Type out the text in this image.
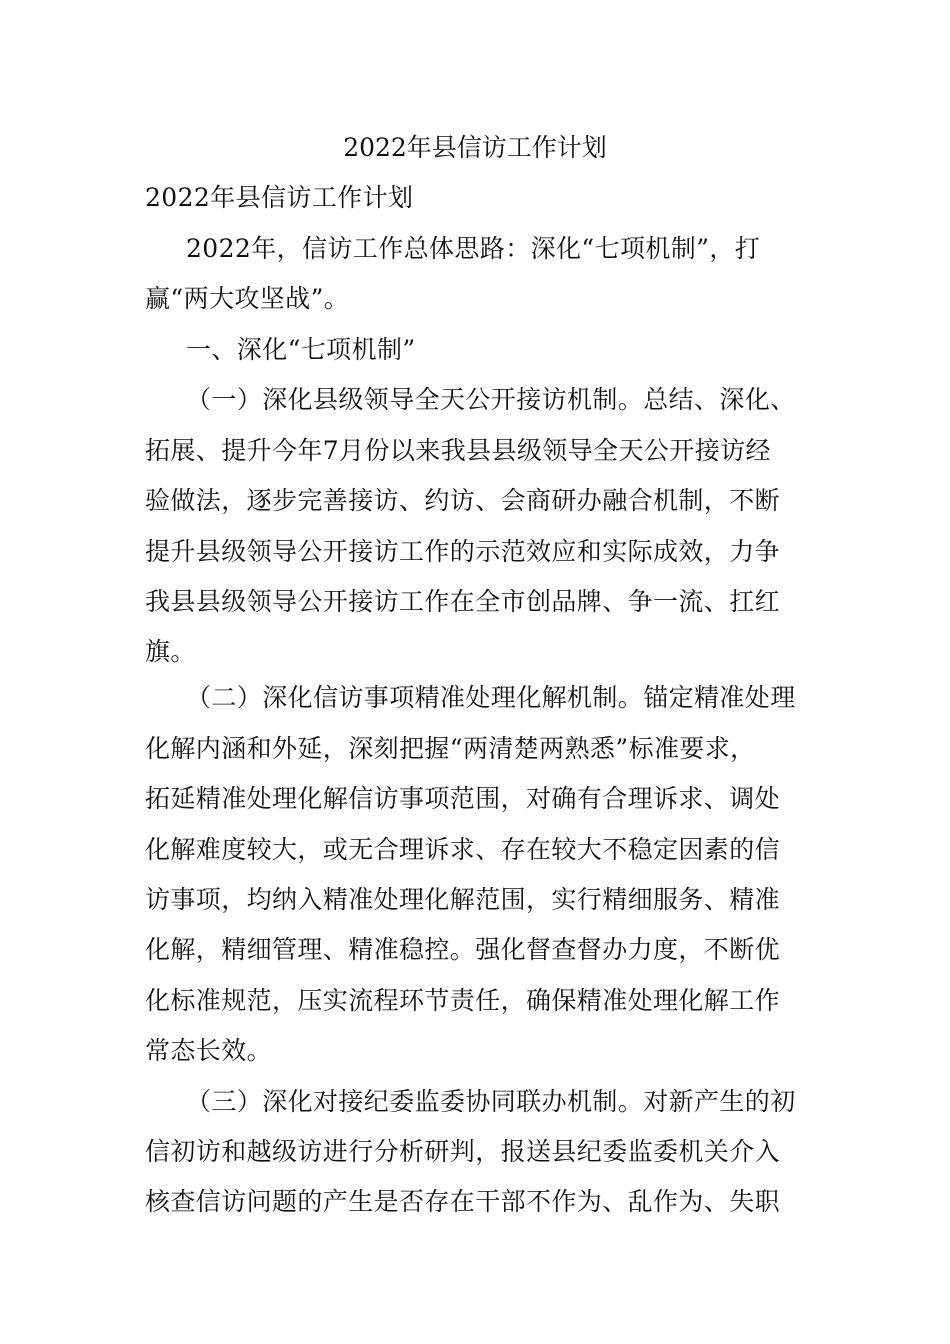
2022年县信访工作计划
2022年县信访工作计划
2022年，信访工作总体思路：深化“七项机制”，打
赢“两大攻坚战”。
一、深化“七项机制”
（一）深化县级领导全天公开接访机制。总结、深化、
拓展、提升今年7月份以来我县县级领导全天公开接访经
验做法，逐步完善接访、约访、会商研办融合机制，不断
提升县级领导公开接访工作的示范效应和实际成效，力争
我县县级领导公开接访工作在全市创品牌、争一流、扛红
旗。
（二）深化信访事项精准处理化解机制。锚定精准处理
化解内涵和外延，深刻把握“两清楚两熟悉”标准要求，
拓延精准处理化解信访事项范围，对确有合理诉求、调处
化解难度较大，或无合理诉求、存在较大不稳定因素的信
访事项，均纳入精准处理化解范围，实行精细服务、精准
化解，精细管理、精准稳控。强化督查督办力度，不断优
化标准规范，压实流程环节责任，确保精准处理化解工作
常态长效。
（三）深化对接纪委监委协同联办机制。对新产生的初
信初访和越级访进行分析研判，报送县纪委监委机关介入
核查信访问题的产生是否存在干部不作为、乱作为、失职
